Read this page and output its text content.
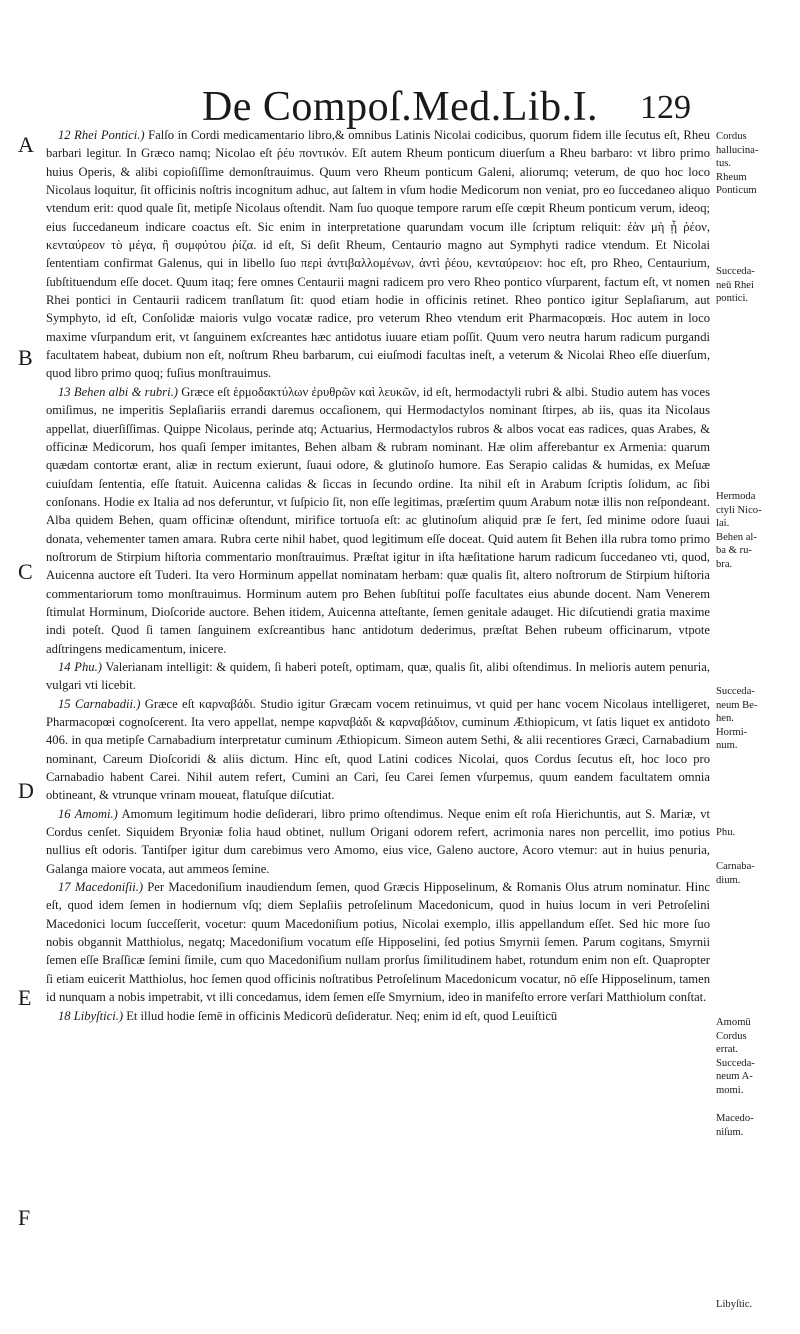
De Compoſ.Med.Lib.I. 129
A
B
C
D
E
F

12 Rhei Pontici.) Falſo in Cordi medicamentario libro,& omnibus Latinis Nicolai codicibus, quorum fidem ille ſecutus eſt, Rheu barbari legitur. In Græco namq; Nicolao eſt ῥέυ ποντικόν. Eſt autem Rheum ponticum diuerſum a Rheu barbaro: vt libro primo huius Operis, & alibi copioſiſſime demonſtrauimus. Quum vero Rheum ponticum Galeni, aliorumq; veterum, de quo hoc loco Nicolaus loquitur, ſit officinis noſtris incognitum adhuc, aut ſaltem in vſum hodie Medicorum non veniat, pro eo ſuccedaneo aliquo vtendum erit: quod quale ſit, metipſe Nicolaus oſtendit. Nam ſuo quoque tempore rarum eſſe cœpit Rheum ponticum verum, ideoq; eius ſuccedaneum indicare coactus eſt. Sic enim in interpretatione quarundam vocum ille ſcriptum reliquit: ἐὰν μὴ ᾖ ῥέον, κενταύρεον τὸ μέγα, ἢ συμφύτου ῥίζα. id eſt, Si deſit Rheum, Centaurio magno aut Symphyti radice vtendum. Et Nicolai ſententiam confirmat Galenus, qui in libello ſuo περὶ ἀντιβαλλομένων, ἀντὶ ῥέου, κενταύρειον: hoc eſt, pro Rheo, Centaurium, ſubſtituendum eſſe docet. Quum itaq; fere omnes Centaurii magni radicem pro vero Rheo pontico vſurparent, factum eſt, vt nomen Rhei pontici in Centaurii radicem tranſlatum ſit: quod etiam hodie in officinis retinet. Rheo pontico igitur Seplaſiarum, aut Symphyto, id eſt, Conſolidæ maioris vulgo vocatæ radice, pro veterum Rheo vtendum erit Pharmacopœis. Hoc autem in loco maxime vſurpandum erit, vt ſanguinem exſcreantes hæc antidotus iuuare etiam poſſit. Quum vero neutra harum radicum purgandi facultatem habeat, dubium non eſt, noſtrum Rheu barbarum, cui eiuſmodi facultas ineſt, a veterum & Nicolai Rheo eſſe diuerſum, quod libro primo quoq; fuſius monſtrauimus.

13 Behen albi & rubri.) Græce eſt ἑρμοδακτύλων ἐρυθρῶν καὶ λευκῶν, id eſt, hermodactyli rubri & albi. Studio autem has voces omiſimus, ne imperitis Seplaſiariis errandi daremus occaſionem, qui Hermodactylos nominant ſtirpes, ab iis, quas ita Nicolaus appellat, diuerſiſſimas. Quippe Nicolaus, perinde atq; Actuarius, Hermodactylos rubros & albos vocat eas radices, quas Arabes, & officinæ Medicorum, hos quaſi ſemper imitantes, Behen albam & rubram nominant. Hæ olim afferebantur ex Armenia: quarum quædam contortæ erant, aliæ in rectum exierunt, ſuaui odore, & glutinoſo humore. Eas Serapio calidas & humidas, ex Meſuæ cuiuſdam ſententia, eſſe ſtatuit. Auicenna calidas & ſiccas in ſecundo ordine. Ita nihil eſt in Arabum ſcriptis ſolidum, ac ſibi conſonans. Hodie ex Italia ad nos deferuntur, vt ſuſpicio ſit, non eſſe legitimas, præſertim quum Arabum notæ illis non reſpondeant. Alba quidem Behen, quam officinæ oſtendunt, mirifice tortuoſa eſt: ac glutinoſum aliquid præ ſe fert, ſed minime odore ſuaui donata, vehementer tamen amara. Rubra certe nihil habet, quod legitimum eſſe doceat. Quid autem ſit Behen illa rubra tomo primo noſtrorum de Stirpium hiſtoria commentario monſtrauimus. Præſtat igitur in iſta hæſitatione harum radicum ſuccedaneo vti, quod, Auicenna auctore eſt Tuderi. Ita vero Horminum appellat nominatam herbam: quæ qualis ſit, altero noſtrorum de Stirpium hiſtoria commentariorum tomo monſtrauimus. Horminum autem pro Behen ſubſtitui poſſe facultates eius abunde docent. Nam Venerem ſtimulat Horminum, Dioſcoride auctore. Behen itidem, Auicenna atteſtante, ſemen genitale adauget. Hic diſcutiendi gratia maxime indi poteſt. Quod ſi tamen ſanguinem exſcreantibus hanc antidotum dederimus, præſtat Behen rubeum officinarum, vtpote adſtringens medicamentum, inicere.

14 Phu.) Valerianam intelligit: & quidem, ſi haberi poteſt, optimam, quæ, qualis ſit, alibi oſtendimus. In melioris autem penuria, vulgari vti licebit.

15 Carnabadii.) Græce eſt καρναβάδι. Studio igitur Græcam vocem retinuimus, vt quid per hanc vocem Nicolaus intelligeret, Pharmacopœi cognoſcerent. Ita vero appellat, nempe καρναβάδι & καρναβάδιον, cuminum Æthiopicum, vt ſatis liquet ex antidoto 406. in qua metipſe Carnabadium interpretatur cuminum Æthiopicum. Simeon autem Sethi, & alii recentiores Græci, Carnabadium nominant, Careum Dioſcoridi & aliis dictum. Hinc eſt, quod Latini codices Nicolai, quos Cordus ſecutus eſt, hoc loco pro Carnabadio habent Carei. Nihil autem refert, Cumini an Cari, ſeu Carei ſemen vſurpemus, quum eandem facultatem omnia obtineant, & vtrunque vrinam moueat, flatuſque diſcutiat.

16 Amomi.) Amomum legitimum hodie deſiderari, libro primo oſtendimus. Neque enim eſt roſa Hierichuntis, aut S. Mariæ, vt Cordus cenſet. Siquidem Bryoniæ folia haud obtinet, nullum Origani odorem refert, acrimonia nares non percellit, imo potius nullius eſt odoris. Tantiſper igitur dum carebimus vero Amomo, eius vice, Galeno auctore, Acoro vtemur: aut in huius penuria, Galanga maiore vocata, aut ammeos ſemine.

17 Macedoniſii.) Per Macedoniſium inaudiendum ſemen, quod Græcis Hipposelinum, & Romanis Olus atrum nominatur. Hinc eſt, quod idem ſemen in hodiernum vſq; diem Seplaſiis petroſelinum Macedonicum, quod in huius locum in veri Petroſelini Macedonici locum ſucceſſerit, vocetur: quum Macedoniſium potius, Nicolai exemplo, illis appellandum eſſet. Sed hic more ſuo nobis obgannit Matthiolus, negatq; Macedoniſium vocatum eſſe Hipposelini, ſed potius Smyrnii ſemen. Parum cogitans, Smyrnii ſemen eſſe Braſſicæ ſemini ſimile, cum quo Macedoniſium nullam prorſus ſimilitudinem habet, rotundum enim non eſt. Quapropter ſi etiam euicerit Matthiolus, hoc ſemen quod officinis noſtratibus Petroſelinum Macedonicum vocatur, nō eſſe Hipposelinum, tamen id nunquam a nobis impetrabit, vt illi concedamus, idem ſemen eſſe Smyrnium, ideo in manifeſto errore verſari Matthiolum conſtat.

18 Libyſtici.) Et illud hodie ſemē in officinis Medicorū deſideratur. Neq; enim id eſt, quod Leuiſticū

Cordus
hallucina-
tus.
Rheum
Ponticum
Succeda-
neū Rhei
pontici.
Hermoda
ctyli Nico-
lai.
Behen al-
ba & ru-
bra.
Succeda-
neum Be-
hen.
Hormi-
num.
Phu.
Carnaba-
dium.
Amomū
Cordus
errat.
Succeda-
neum A-
momi.
Macedo-
niſum.
Libyſtic.
